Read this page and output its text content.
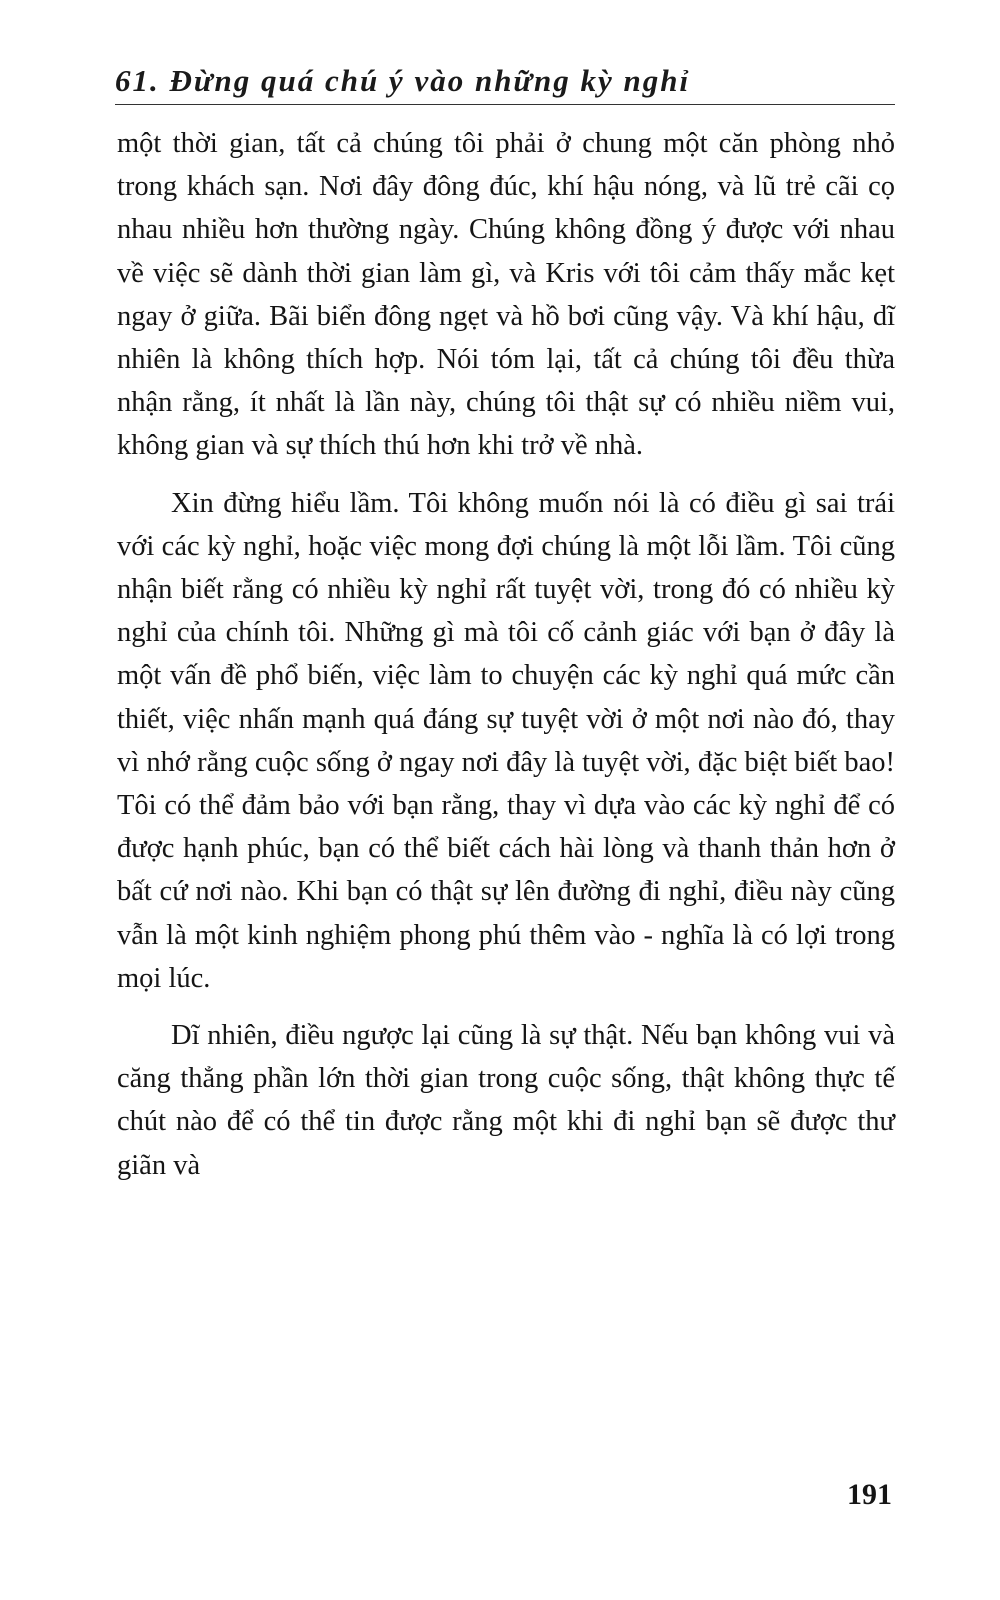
61. Đừng quá chú ý vào những kỳ nghỉ

một thời gian, tất cả chúng tôi phải ở chung một căn phòng nhỏ trong khách sạn. Nơi đây đông đúc, khí hậu nóng, và lũ trẻ cãi cọ nhau nhiều hơn thường ngày. Chúng không đồng ý được với nhau về việc sẽ dành thời gian làm gì, và Kris với tôi cảm thấy mắc kẹt ngay ở giữa. Bãi biển đông ngẹt và hồ bơi cũng vậy. Và khí hậu, dĩ nhiên là không thích hợp. Nói tóm lại, tất cả chúng tôi đều thừa nhận rằng, ít nhất là lần này, chúng tôi thật sự có nhiều niềm vui, không gian và sự thích thú hơn khi trở về nhà.

Xin đừng hiểu lầm. Tôi không muốn nói là có điều gì sai trái với các kỳ nghỉ, hoặc việc mong đợi chúng là một lỗi lầm. Tôi cũng nhận biết rằng có nhiều kỳ nghỉ rất tuyệt vời, trong đó có nhiều kỳ nghỉ của chính tôi. Những gì mà tôi cố cảnh giác với bạn ở đây là một vấn đề phổ biến, việc làm to chuyện các kỳ nghỉ quá mức cần thiết, việc nhấn mạnh quá đáng sự tuyệt vời ở một nơi nào đó, thay vì nhớ rằng cuộc sống ở ngay nơi đây là tuyệt vời, đặc biệt biết bao! Tôi có thể đảm bảo với bạn rằng, thay vì dựa vào các kỳ nghỉ để có được hạnh phúc, bạn có thể biết cách hài lòng và thanh thản hơn ở bất cứ nơi nào. Khi bạn có thật sự lên đường đi nghỉ, điều này cũng vẫn là một kinh nghiệm phong phú thêm vào - nghĩa là có lợi trong mọi lúc.

Dĩ nhiên, điều ngược lại cũng là sự thật. Nếu bạn không vui và căng thẳng phần lớn thời gian trong cuộc sống, thật không thực tế chút nào để có thể tin được rằng một khi đi nghỉ bạn sẽ được thư giãn và

191
